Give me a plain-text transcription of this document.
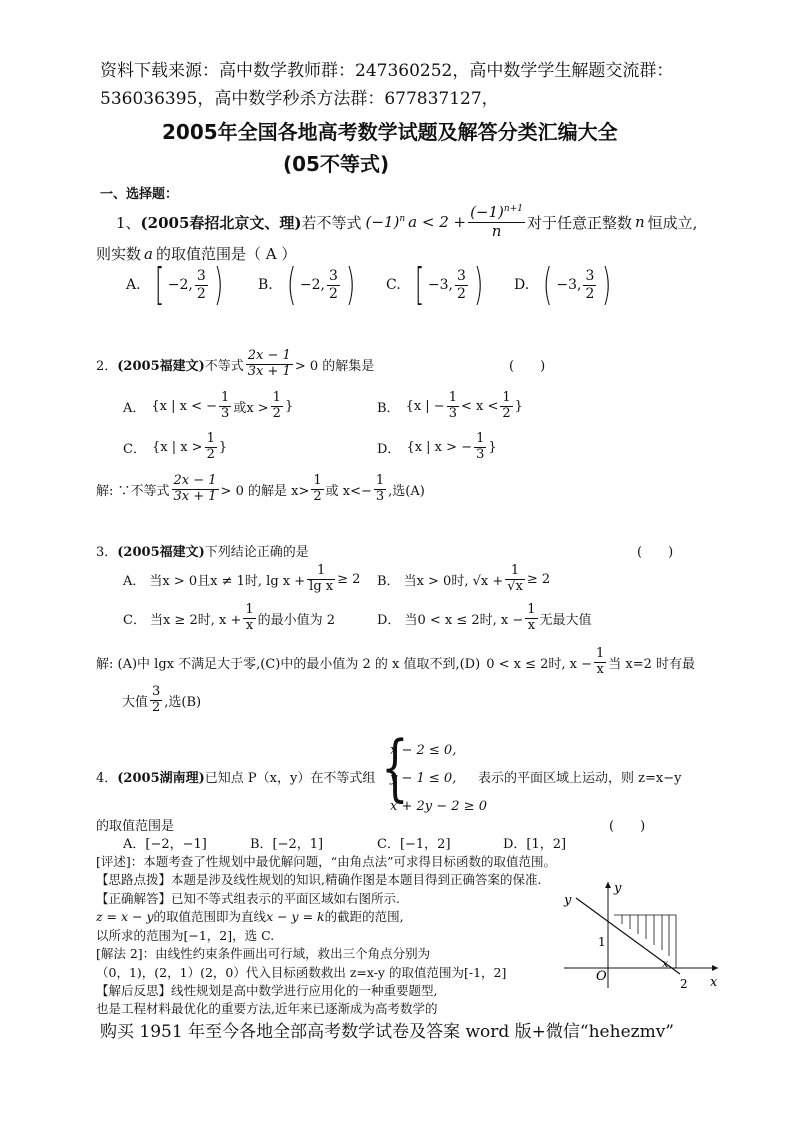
资料下载来源：高中数学教师群：247360252，高中数学学生解题交流群：
536036395，高中数学秒杀方法群：677837127，
2005年全国各地高考数学试题及解答分类汇编大全
(05不等式)
一、选择题：
1、 (2005春招北京文、理) 若不等式 $(-1)^n$ $a < 2 + \frac{(-1)^{n+1}}{n}$ 对于任意正整数 n 恒成立,
则实数 a 的取值范围是（ A ）
A. [ −2, $\frac{3}{2}$ ) B. ( −2, $\frac{3}{2}$ ) C. [ −3, $\frac{3}{2}$ ) D. ( −3, $\frac{3}{2}$ )
2． (2005福建文) 不等式 $\frac{2x - 1}{3x + 1} > 0$ 的解集是	(　　)
A． {x | x < − $\frac{1}{3}$ 或$x > \frac{1}{2}$ }	B． {x | − $\frac{1}{3} < x < \frac{1}{2}$ }
C． {x | $x > \frac{1}{2}$ }	D． {x | x > − $\frac{1}{3}$ }
解: ∵不等式 $\frac{2x - 1}{3x + 1} > 0$ 的解是 $x> \frac{1}{2}$ 或 $x<- \frac{1}{3}$ ,选(A)
3．(2005福建文)下列结论正确的是	(　　)
A． 当x > 0且x ≠ 1时, $\lg x + \frac{1}{\text{lg x}} \ge 2$ B． 当x > 0时, $√x + \frac{1}{√x} \ge 2$
C． 当x ≥ 2时, $x + \frac{1}{x}$ 的最小值为 2	D． 当0 < x ≤ 2时, $x - \frac{1}{x}$ 无最大值
解: (A)中 lgx 不满足大于零,(C)中的最小值为 2 的 x 值取不到,(D) 0 < x ≤ 2时, $x - \frac{1}{x}$ 当 x=2 时有最
大值 $\frac{3}{2}$ ,选(B)
4．(2005湖南理)已知点 P（x，y）在不等式组 {
x − 2 ≤ 0,
y − 1 ≤ 0,
x + 2y − 2 ≥ 0
表示的平面区域上运动，则 z=x−y
的取值范围是	(　　)
A．[−2，−1]	B．[−2，1]	C．[−1，2]	D．[1，2]
[评述]：本题考查了性规划中最优解问题，“由角点法”可求得目标函数的取值范围。
【思路点拨】本题是涉及线性规划的知识,精确作图是本题目得到正确答案的保准.
【正确解答】已知不等式组表示的平面区域如右图所示.
z = x − y的取值范围即为直线x − y = k的截距的范围,
以所求的范围为[−1，2]，选 C.
[解法 2]：由线性约束条件画出可行域，救出三个角点分别为
（0，1)，(2，1）(2，0）代入目标函数救出 z=x-y 的取值范围为[-1，2]
【解后反思】线性规划是高中数学进行应用化的一种重要题型,
也是工程材料最优化的重要方法,近年来已逐渐成为高考数学的
y
x
y
1
O	2
x
购买 1951 年至今各地全部高考数学试卷及答案 word 版+微信“hehezmv”
